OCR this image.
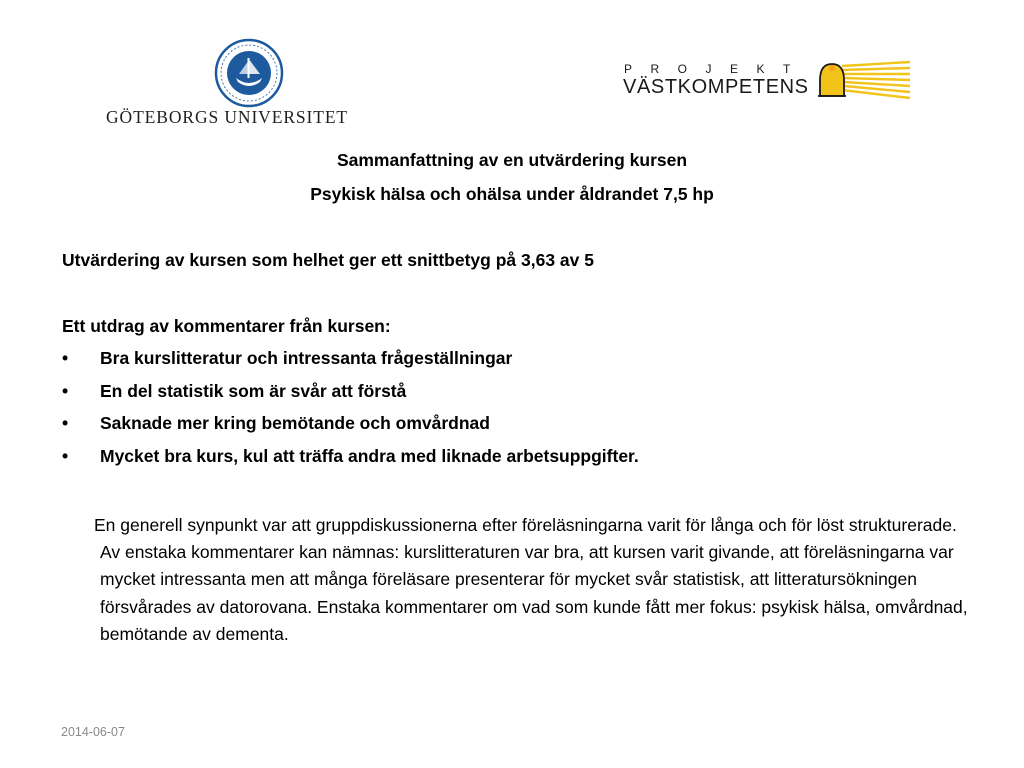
GÖTEBORGS UNIVERSITET
PROJEKT
VÄSTKOMPETENS
Sammanfattning av en utvärdering kursen
Psykisk hälsa och ohälsa under åldrandet 7,5 hp
Utvärdering av kursen som helhet ger ett snittbetyg på 3,63 av 5
Ett utdrag av kommentarer från kursen:
•	Bra kurslitteratur och intressanta frågeställningar
•	En del statistik som är svår att förstå
•	Saknade mer kring bemötande och omvårdnad
•	Mycket bra kurs, kul att träffa andra med liknade arbetsuppgifter.
En generell synpunkt var att gruppdiskussionerna efter föreläsningarna varit för långa och för löst strukturerade. Av enstaka kommentarer kan nämnas: kurslitteraturen var bra, att kursen varit givande, att föreläsningarna var mycket intressanta men att många föreläsare presenterar för mycket svår statistisk, att litteratursökningen försvårades av datorovana. Enstaka kommentarer om vad som kunde fått mer fokus: psykisk hälsa, omvårdnad, bemötande av dementa.
2014-06-07
